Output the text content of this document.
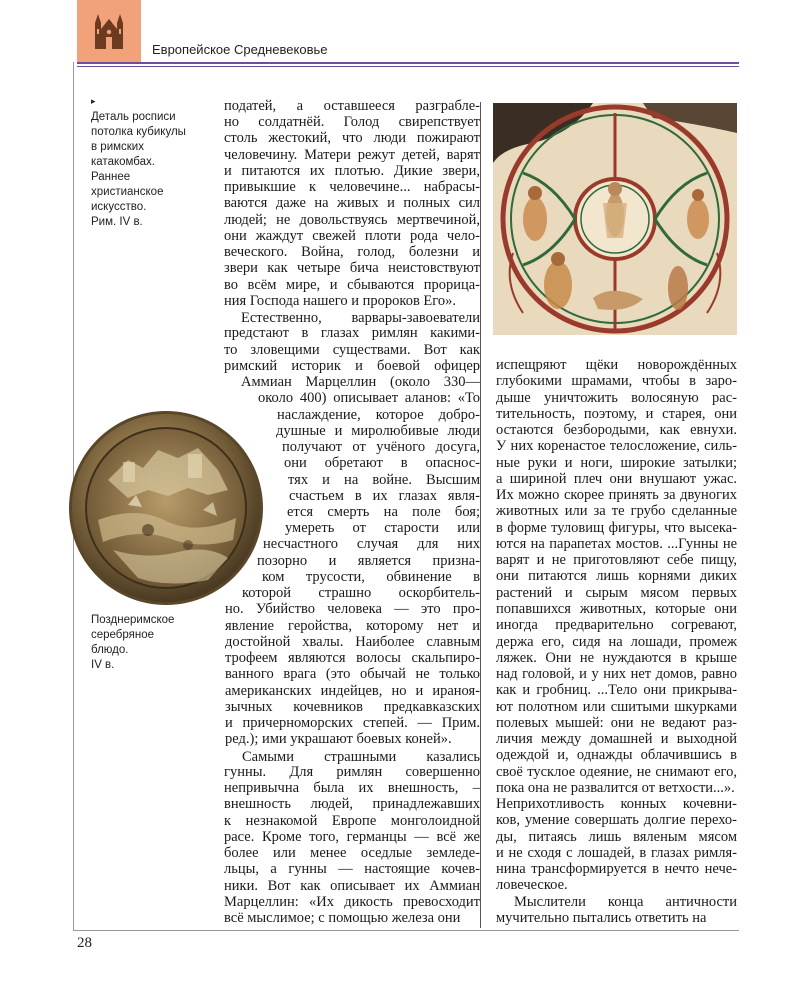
Европейское Средневековье
▸
Деталь росписи
потолка кубикулы
в римских
катакомбах.
Раннее
христианское
искусство.
Рим. IV в.
Позднеримское
серебряное
блюдо.
IV в.
податей, а оставшееся разграбле-
но солдатнёй. Голод свирепствует
столь жестокий, что люди пожирают
человечину. Матери режут детей, варят
и питаются их плотью. Дикие звери,
привыкшие к человечине... набрасы-
ваются даже на живых и полных сил
людей; не довольствуясь мертвечиной,
они жаждут свежей плоти рода чело-
веческого. Война, голод, болезни и
звери как четыре бича неистовствуют
во всём мире, и сбываются прорица-
ния Господа нашего и пророков Его».
Естественно, варвары-завоеватели
предстают в глазах римлян какими-
то зловещими существами. Вот как
римский историк и боевой офицер
Аммиан Марцеллин (около 330—
около 400) описывает аланов: «То
наслаждение, которое добро-
душные и миролюбивые люди
получают от учёного досуга,
они обретают в опаснос-
тях и на войне. Высшим
счастьем в их глазах явля-
ется смерть на поле боя;
умереть от старости или
несчастного случая для них
позорно и является призна-
ком трусости, обвинение в
которой страшно оскорбитель-
но. Убийство человека — это про-
явление геройства, которому нет и
достойной хвалы. Наиболее славным
трофеем являются волосы скальпиро-
ванного врага (это обычай не только
американских индейцев, но и ираноя-
зычных кочевников предкавказских
и причерноморских степей. — Прим.
ред.); ими украшают боевых коней».
Самыми страшными казались
гунны. Для римлян совершенно
непривычна была их внешность, –
внешность людей, принадлежавших
к незнакомой Европе монголоидной
расе. Кроме того, германцы — всё же
более или менее оседлые земледе-
льцы, а гунны — настоящие кочев-
ники. Вот как описывает их Аммиан
Марцеллин: «Их дикость превосходит
всё мыслимое; с помощью железа они
испещряют щёки новорождённых
глубокими шрамами, чтобы в заро-
дыше уничтожить волосяную рас-
тительность, поэтому, и старея, они
остаются безбородыми, как евнухи.
У них коренастое телосложение, силь-
ные руки и ноги, широкие затылки;
а шириной плеч они внушают ужас.
Их можно скорее принять за двуногих
животных или за те грубо сделанные
в форме туловищ фигуры, что высека-
ются на парапетах мостов. ...Гунны не
варят и не приготовляют себе пищу,
они питаются лишь корнями диких
растений и сырым мясом первых
попавшихся животных, которые они
иногда предварительно согревают,
держа его, сидя на лошади, промеж
ляжек. Они не нуждаются в крыше
над головой, и у них нет домов, равно
как и гробниц. ...Тело они прикрыва-
ют полотном или сшитыми шкурками
полевых мышей: они не ведают раз-
личия между домашней и выходной
одеждой и, однажды облачившись в
своё тусклое одеяние, не снимают его,
пока она не развалится от ветхости...».
Неприхотливость конных кочевни-
ков, умение совершать долгие перехо-
ды, питаясь лишь вяленым мясом
и не сходя с лошадей, в глазах римля-
нина трансформируется в нечто нече-
ловеческое.
Мыслители конца античности
мучительно пытались ответить на
28
